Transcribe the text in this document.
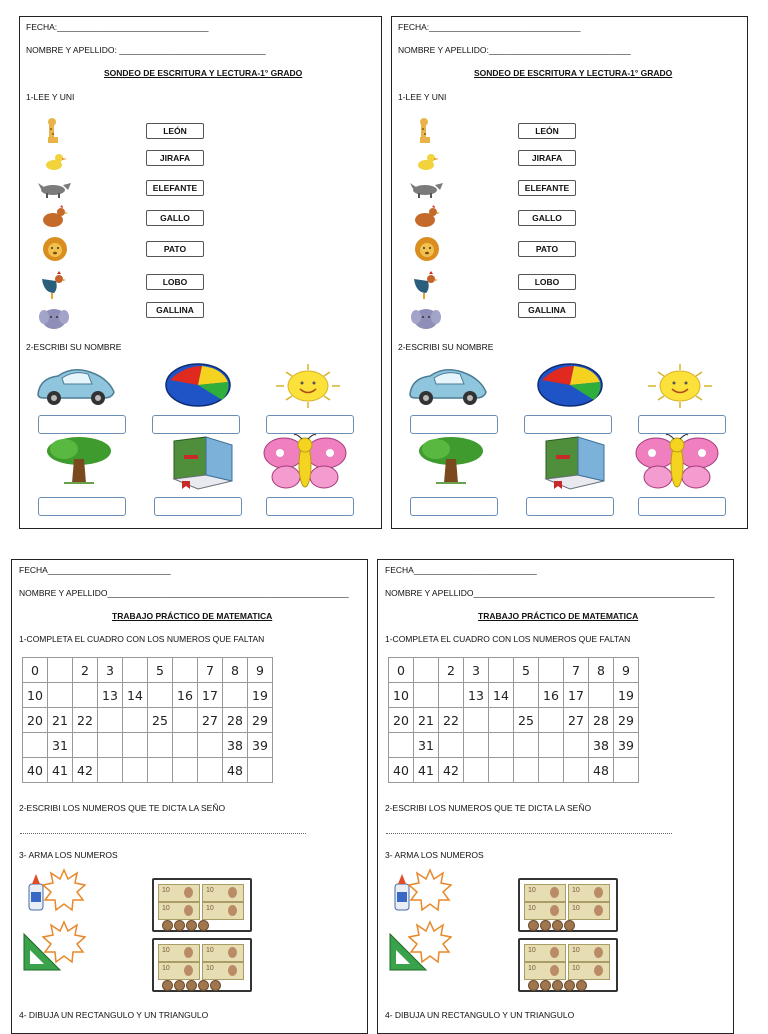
FECHA:________________________________
NOMBRE Y APELLIDO: _______________________________
SONDEO DE ESCRITURA Y LECTURA-1° GRADO
1-LEE Y UNI
LEÓN
JIRAFA
ELEFANTE
GALLO
PATO
LOBO
GALLINA
2-ESCRIBI SU NOMBRE
FECHA:________________________________
NOMBRE Y APELLIDO:______________________________
SONDEO DE ESCRITURA Y LECTURA-1° GRADO
1-LEE Y UNI
LEÓN
JIRAFA
ELEFANTE
GALLO
PATO
LOBO
GALLINA
2-ESCRIBI SU NOMBRE
FECHA__________________________
NOMBRE Y APELLIDO___________________________________________________
TRABAJO PRÁCTICO DE MATEMATICA
1-COMPLETA EL CUADRO CON LOS NUMEROS QUE FALTAN
0		2	3		5		7	8	9
10			13	14		16	17		19
20	21	22			25		27	28	29
	31							38	39
40	41	42						48	
2-ESCRIBI LOS NUMEROS QUE TE DICTA LA SEÑO
3- ARMA LOS NUMEROS
10	10
10	10
10	10
10	10
4- DIBUJA UN RECTANGULO Y UN TRIANGULO
FECHA__________________________
NOMBRE Y APELLIDO___________________________________________________
TRABAJO PRÁCTICO DE MATEMATICA
1-COMPLETA EL CUADRO CON LOS NUMEROS QUE FALTAN
0		2	3		5		7	8	9
10			13	14		16	17		19
20	21	22			25		27	28	29
	31							38	39
40	41	42						48	
2-ESCRIBI LOS NUMEROS QUE TE DICTA LA SEÑO
3- ARMA LOS NUMEROS
10	10
10	10
10	10
10	10
4- DIBUJA UN RECTANGULO Y UN TRIANGULO
